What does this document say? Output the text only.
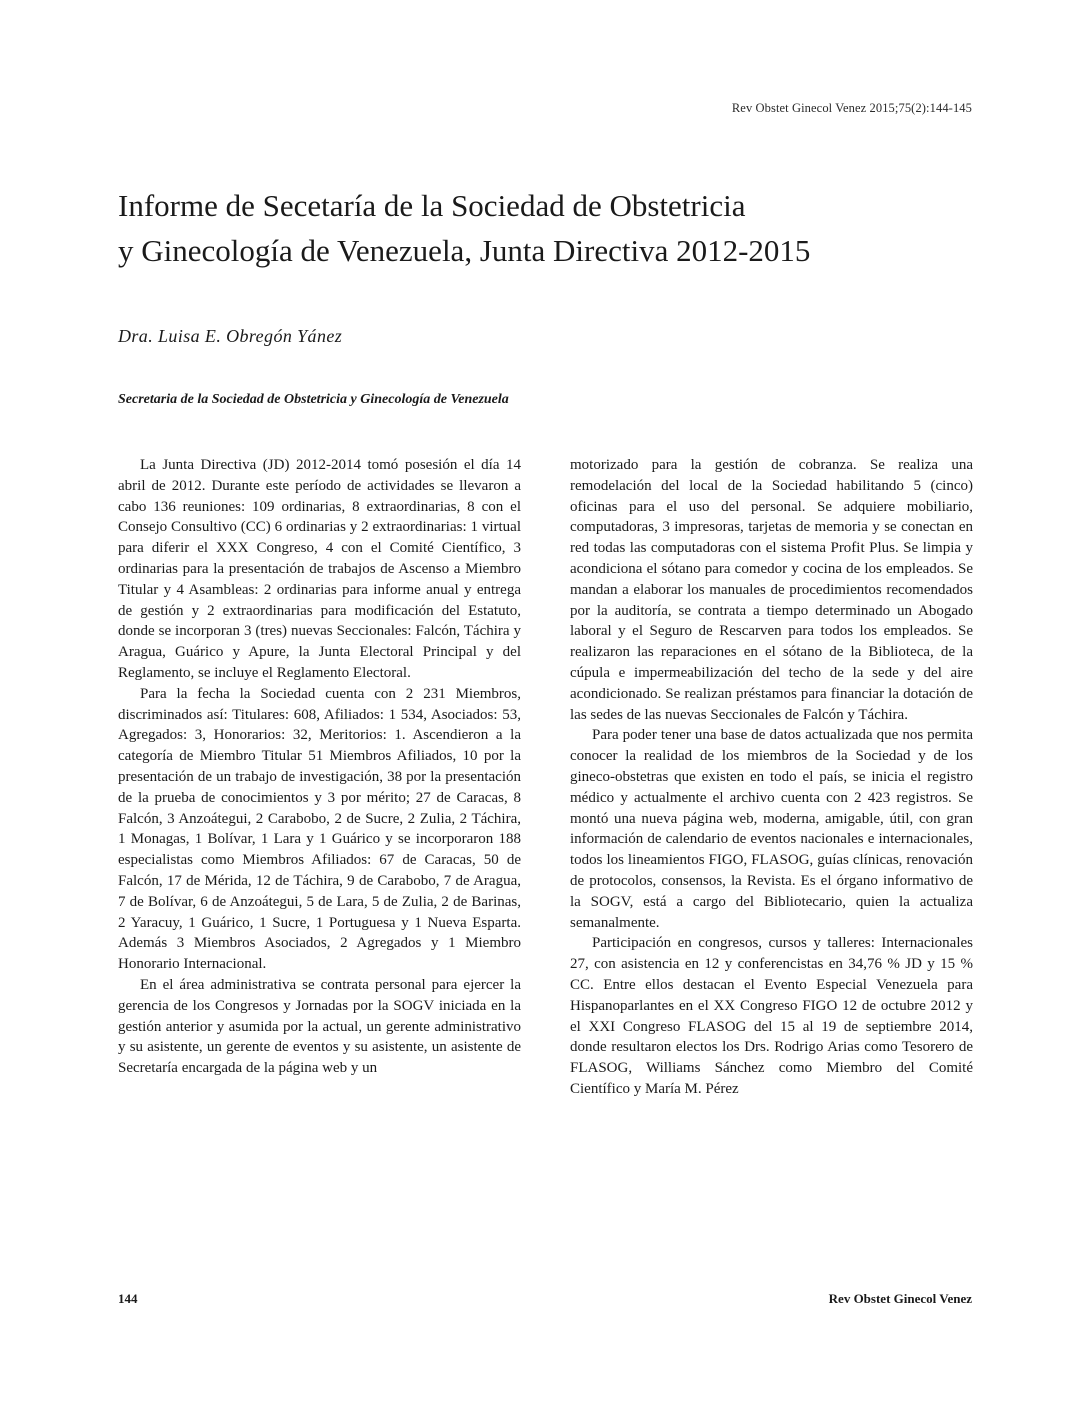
Rev Obstet Ginecol Venez 2015;75(2):144-145
Informe de Secetaría de la Sociedad de Obstetricia
y Ginecología de Venezuela, Junta Directiva 2012-2015
Dra. Luisa E. Obregón Yánez
Secretaria de la Sociedad de Obstetricia y Ginecología de Venezuela

La Junta Directiva (JD) 2012-2014 tomó posesión el día 14 abril de 2012. Durante este período de actividades se llevaron a cabo 136 reuniones: 109 ordinarias, 8 extraordinarias, 8 con el Consejo Consultivo (CC) 6 ordinarias y 2 extraordinarias: 1 virtual para diferir el XXX Congreso, 4 con el Comité Científico, 3 ordinarias para la presentación de trabajos de Ascenso a Miembro Titular y 4 Asambleas: 2 ordinarias para informe anual y entrega de gestión y 2 extraordinarias para modificación del Estatuto, donde se incorporan 3 (tres) nuevas Seccionales: Falcón, Táchira y Aragua, Guárico y Apure, la Junta Electoral Principal y del Reglamento, se incluye el Reglamento Electoral.

Para la fecha la Sociedad cuenta con 2 231 Miembros, discriminados así: Titulares: 608, Afiliados: 1 534, Asociados: 53, Agregados: 3, Honorarios: 32, Meritorios: 1. Ascendieron a la categoría de Miembro Titular 51 Miembros Afiliados, 10 por la presentación de un trabajo de investigación, 38 por la presentación de la prueba de conocimientos y 3 por mérito; 27 de Caracas, 8 Falcón, 3 Anzoátegui, 2 Carabobo, 2 de Sucre, 2 Zulia, 2 Táchira, 1 Monagas, 1 Bolívar, 1 Lara y 1 Guárico y se incorporaron 188 especialistas como Miembros Afiliados: 67 de Caracas, 50 de Falcón, 17 de Mérida, 12 de Táchira, 9 de Carabobo, 7 de Aragua, 7 de Bolívar, 6 de Anzoátegui, 5 de Lara, 5 de Zulia, 2 de Barinas, 2 Yaracuy, 1 Guárico, 1 Sucre, 1 Portuguesa y 1 Nueva Esparta. Además 3 Miembros Asociados, 2 Agregados y 1 Miembro Honorario Internacional.

En el área administrativa se contrata personal para ejercer la gerencia de los Congresos y Jornadas por la SOGV iniciada en la gestión anterior y asumida por la actual, un gerente administrativo y su asistente, un gerente de eventos y su asistente, un asistente de Secretaría encargada de la página web y un

motorizado para la gestión de cobranza. Se realiza una remodelación del local de la Sociedad habilitando 5 (cinco) oficinas para el uso del personal. Se adquiere mobiliario, computadoras, 3 impresoras, tarjetas de memoria y se conectan en red todas las computadoras con el sistema Profit Plus. Se limpia y acondiciona el sótano para comedor y cocina de los empleados. Se mandan a elaborar los manuales de procedimientos recomendados por la auditoría, se contrata a tiempo determinado un Abogado laboral y el Seguro de Rescarven para todos los empleados. Se realizaron las reparaciones en el sótano de la Biblioteca, de la cúpula e impermeabilización del techo de la sede y del aire acondicionado. Se realizan préstamos para financiar la dotación de las sedes de las nuevas Seccionales de Falcón y Táchira.

Para poder tener una base de datos actualizada que nos permita conocer la realidad de los miembros de la Sociedad y de los gineco-obstetras que existen en todo el país, se inicia el registro médico y actualmente el archivo cuenta con 2 423 registros. Se montó una nueva página web, moderna, amigable, útil, con gran información de calendario de eventos nacionales e internacionales, todos los lineamientos FIGO, FLASOG, guías clínicas, renovación de protocolos, consensos, la Revista. Es el órgano informativo de la SOGV, está a cargo del Bibliotecario, quien la actualiza semanalmente.

Participación en congresos, cursos y talleres: Internacionales 27, con asistencia en 12 y conferencistas en 34,76 % JD y 15 % CC. Entre ellos destacan el Evento Especial Venezuela para Hispanoparlantes en el XX Congreso FIGO 12 de octubre 2012 y el XXI Congreso FLASOG del 15 al 19 de septiembre 2014, donde resultaron electos los Drs. Rodrigo Arias como Tesorero de FLASOG, Williams Sánchez como Miembro del Comité Científico y María M. Pérez

144	Rev Obstet Ginecol Venez
